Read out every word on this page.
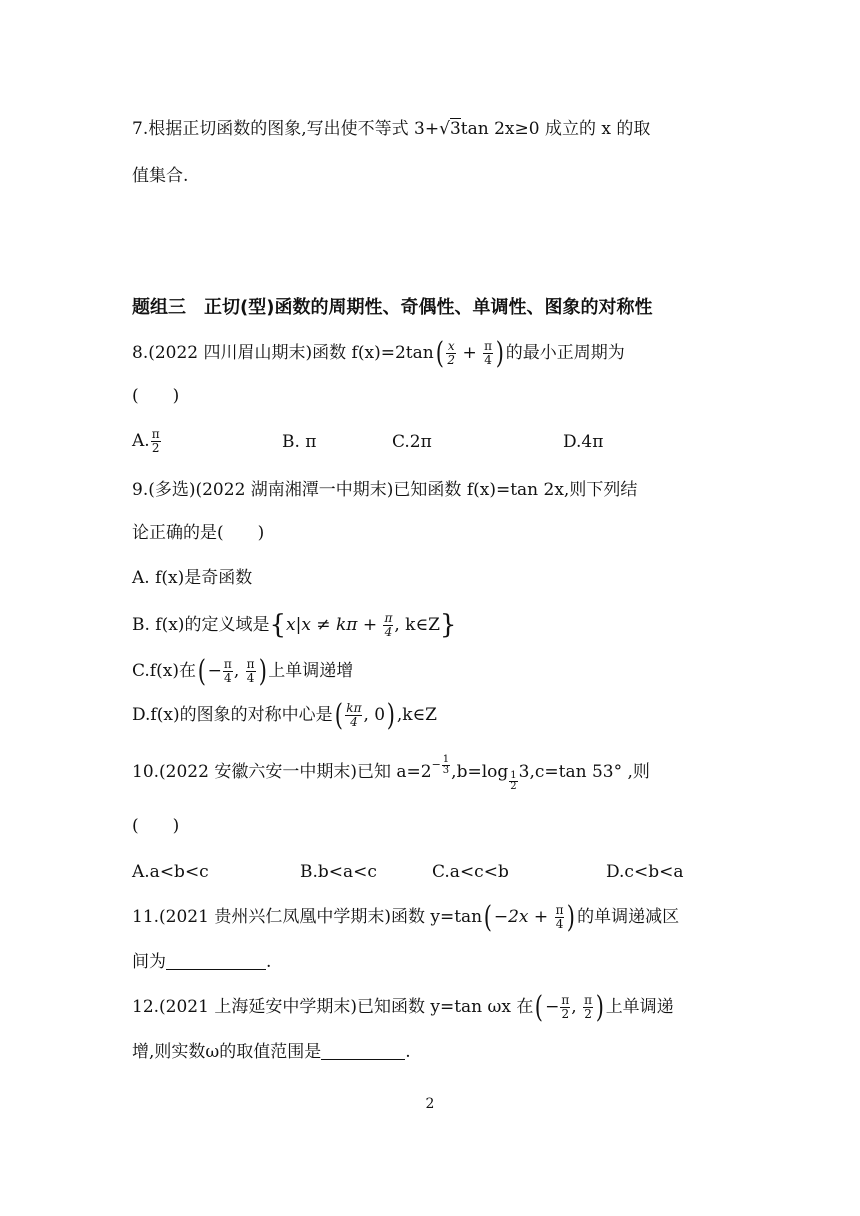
7.根据正切函数的图象,写出使不等式 3+√3tan 2x≥0 成立的 x 的取
值集合.
题组三　正切(型)函数的周期性、奇偶性、单调性、图象的对称性
8.(2022 四川眉山期末)函数 $f(x)=2\tan( \frac{x}{2} + \frac{\pi}{4}$ ) 的最小正周期为
(　　)
A. $\frac{\pi}{2}$	B. π	C.2π	D.4π
9.(多选)(2022 湖南湘潭一中期末)已知函数 f(x)=tan 2x,则下列结
论正确的是(　　)
A. f(x)是奇函数
B. f(x)的定义域是{$x|x \ne k\pi + \frac{\pi}{4}$ , k∈Z}
C.f(x)在( − $\frac{\pi}{4}$ , $\frac{\pi}{4}$ ) 上单调递增
D.f(x)的图象的对称中心是( $\frac{k\pi}{4}$ , 0) ,k∈Z
10.(2022 安徽六安一中期末)已知 $a=2^{- \frac{1}{3}}$ ,b=log $_{\frac{1}{2}}$ 3,c=tan 53° ,则
(　　)
A.a<b<c	B.b<a<c	C.a<c<b	D.c<b<a
11.(2021 贵州兴仁凤凰中学期末)函数 $y=\tan( -2x + \frac{\pi}{4}$ ) 的单调递减区
间为	.
12.(2021 上海延安中学期末)已知函数 y=tan ωx 在( − $\frac{\pi}{2}$ , $\frac{\pi}{2}$ ) 上单调递
增,则实数ω的取值范围是	.
2
